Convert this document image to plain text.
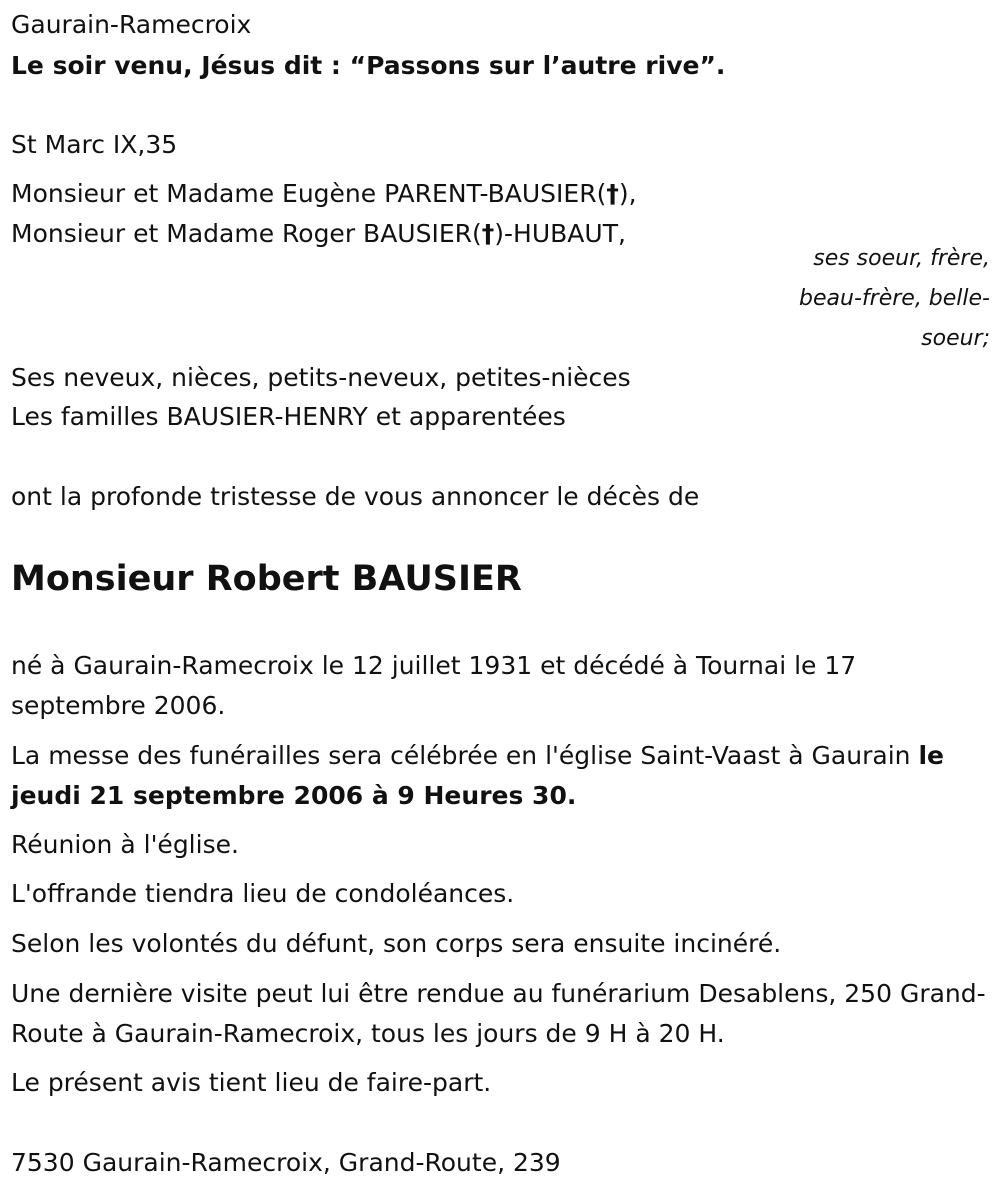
Gaurain-Ramecroix
Le soir venu, Jésus dit : “Passons sur l’autre rive”.
St Marc IX,35
Monsieur et Madame Eugène PARENT-BAUSIER(†),
Monsieur et Madame Roger BAUSIER(†)-HUBAUT,
ses soeur, frère, beau-frère, belle-soeur;
Ses neveux, nièces, petits-neveux, petites-nièces
Les familles BAUSIER-HENRY et apparentées
ont la profonde tristesse de vous annoncer le décès de
Monsieur Robert BAUSIER
né à Gaurain-Ramecroix le 12 juillet 1931 et décédé à Tournai le 17 septembre 2006.
La messe des funérailles sera célébrée en l'église Saint-Vaast à Gaurain le jeudi 21 septembre 2006 à 9 Heures 30.
Réunion à l'église.
L'offrande tiendra lieu de condoléances.
Selon les volontés du défunt, son corps sera ensuite incinéré.
Une dernière visite peut lui être rendue au funérarium Desablens, 250 Grand-Route à Gaurain-Ramecroix, tous les jours de 9 H à 20 H.
Le présent avis tient lieu de faire-part.
7530 Gaurain-Ramecroix, Grand-Route, 239
